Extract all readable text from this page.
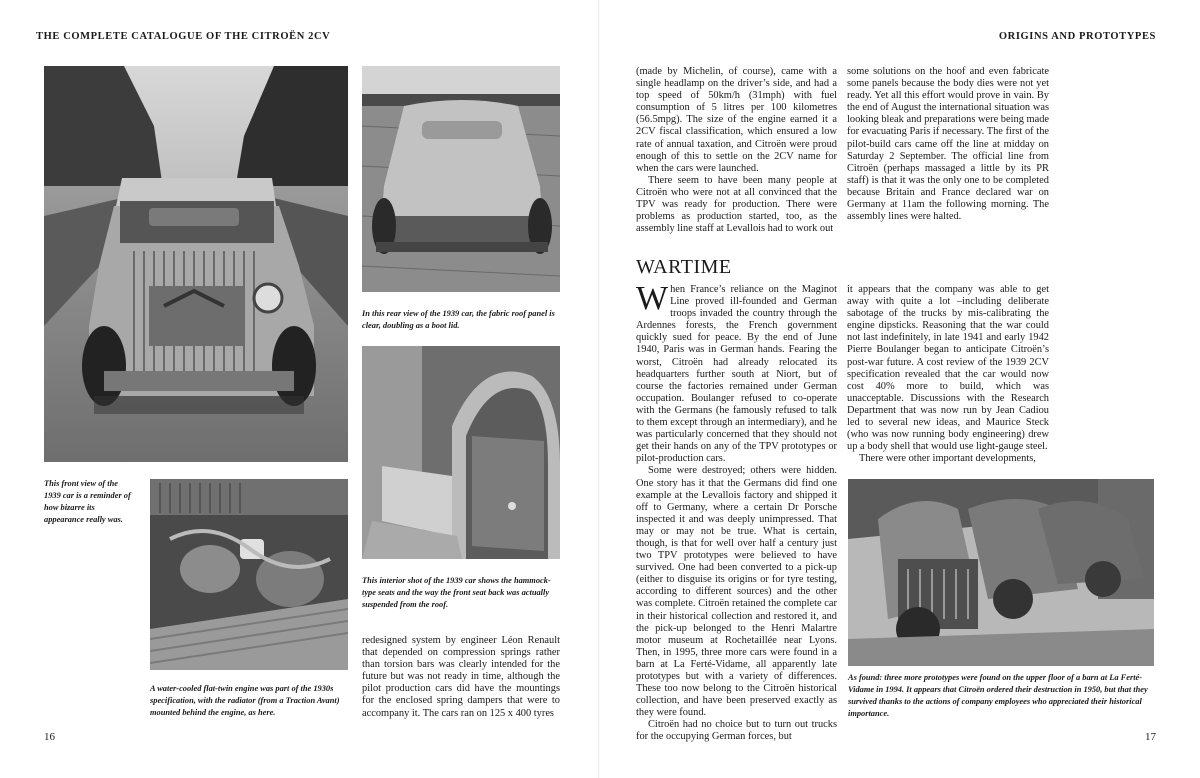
THE COMPLETE CATALOGUE OF THE CITROËN 2CV
In this rear view of the 1939 car, the fabric roof panel is clear, doubling as a boot lid.
This interior shot of the 1939 car shows the hammock-type seats and the way the front seat back was actually suspended from the roof.
This front view of the 1939 car is a reminder of how bizarre its appearance really was.
A water-cooled flat-twin engine was part of the 1930s specification, with the radiator (from a Traction Avant) mounted behind the engine, as here.

redesigned system by engineer Léon Renault that depended on compression springs rather than torsion bars was clearly intended for the future but was not ready in time, although the pilot production cars did have the mountings for the enclosed spring dampers that were to accompany it. The cars ran on 125 x 400 tyres

16
ORIGINS AND PROTOTYPES

(made by Michelin, of course), came with a single headlamp on the driver’s side, and had a top speed of 50km/h (31mph) with fuel consumption of 5 litres per 100 kilometres (56.5mpg). The size of the engine earned it a 2CV fiscal classification, which ensured a low rate of annual taxation, and Citroën were proud enough of this to settle on the 2CV name for when the cars were launched.

There seem to have been many people at Citroën who were not at all convinced that the TPV was ready for production. There were problems as production started, too, as the assembly line staff at Levallois had to work out

some solutions on the hoof and even fabricate some panels because the body dies were not yet ready. Yet all this effort would prove in vain. By the end of August the international situation was looking bleak and preparations were being made for evacuating Paris if necessary. The first of the pilot-build cars came off the line at midday on Saturday 2 September. The official line from Citroën (perhaps massaged a little by its PR staff) is that it was the only one to be completed because Britain and France declared war on Germany at 11am the following morning. The assembly lines were halted.

WARTIME

When France’s reliance on the Maginot Line proved ill-founded and German troops invaded the country through the Ardennes forests, the French government quickly sued for peace. By the end of June 1940, Paris was in German hands. Fearing the worst, Citroën had already relocated its headquarters further south at Niort, but of course the factories remained under German occupation. Boulanger refused to co-operate with the Germans (he famously refused to talk to them except through an intermediary), and he was particularly concerned that they should not get their hands on any of the TPV prototypes or pilot-production cars.

Some were destroyed; others were hidden. One story has it that the Germans did find one example at the Levallois factory and shipped it off to Germany, where a certain Dr Porsche inspected it and was deeply unimpressed. That may or may not be true. What is certain, though, is that for well over half a century just two TPV prototypes were believed to have survived. One had been converted to a pick-up (either to disguise its origins or for tyre testing, according to different sources) and the other was complete. Citroën retained the complete car in their historical collection and restored it, and the pick-up belonged to the Henri Malartre motor museum at Rochetaillée near Lyons. Then, in 1995, three more cars were found in a barn at La Ferté-Vidame, all apparently late prototypes but with a variety of differences. These too now belong to the Citroën historical collection, and have been preserved exactly as they were found.

Citroën had no choice but to turn out trucks for the occupying German forces, but

it appears that the company was able to get away with quite a lot –including deliberate sabotage of the trucks by mis-calibrating the engine dipsticks. Reasoning that the war could not last indefinitely, in late 1941 and early 1942 Pierre Boulanger began to anticipate Citroën’s post-war future. A cost review of the 1939 2CV specification revealed that the car would now cost 40% more to build, which was unacceptable. Discussions with the Research Department that was now run by Jean Cadiou led to several new ideas, and Maurice Steck (who was now running body engineering) drew up a body shell that would use light-gauge steel.

There were other important developments,

As found: three more prototypes were found on the upper floor of a barn at La Ferté-Vidame in 1994. It appears that Citroën ordered their destruction in 1950, but that they survived thanks to the actions of company employees who appreciated their historical importance.
17
